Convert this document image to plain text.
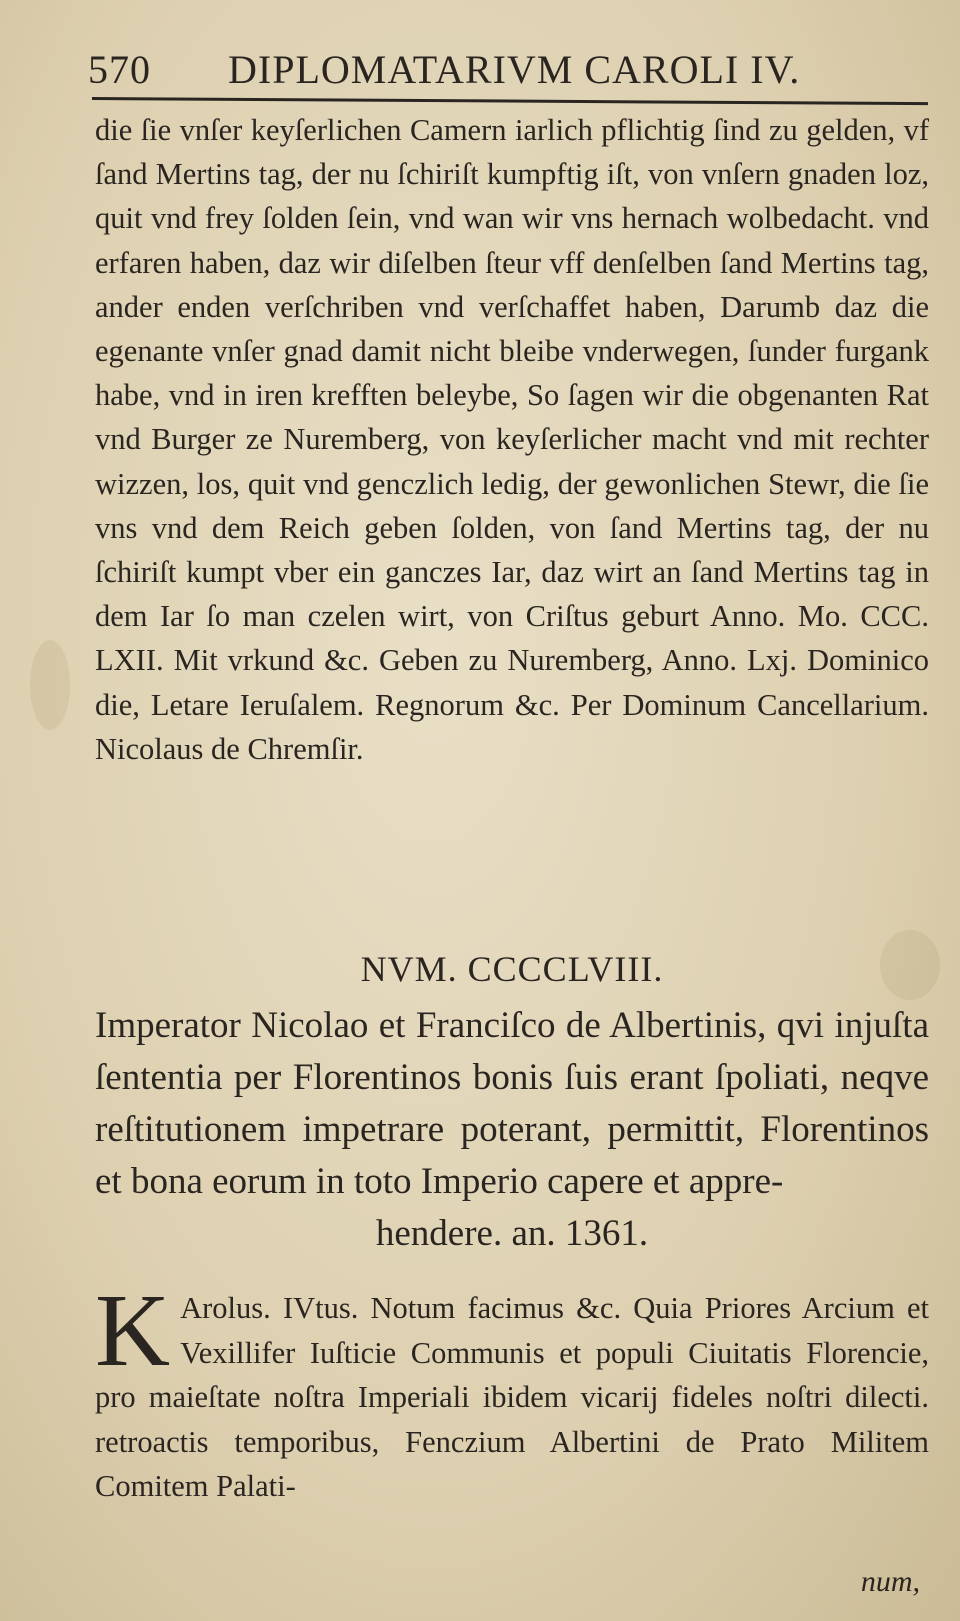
570 DIPLOMATARIVM CAROLI IV.

die ſie vnſer keyſerlichen Camern iarlich pflichtig ſind zu gelden, vf ſand Mertins tag, der nu ſchiriſt kumpftig iſt, von vnſern gnaden loz, quit vnd frey ſolden ſein, vnd wan wir vns hernach wolbedacht. vnd erfaren haben, daz wir diſelben ſteur vff denſelben ſand Mertins tag, ander enden verſchriben vnd verſchaffet haben, Darumb daz die egenante vnſer gnad damit nicht bleibe vnderwegen, ſunder furgank habe, vnd in iren krefften beleybe, So ſagen wir die obgenanten Rat vnd Burger ze Nuremberg, von keyſerlicher macht vnd mit rechter wizzen, los, quit vnd genczlich ledig, der gewonlichen Stewr, die ſie vns vnd dem Reich geben ſolden, von ſand Mertins tag, der nu ſchiriſt kumpt vber ein ganczes Iar, daz wirt an ſand Mertins tag in dem Iar ſo man czelen wirt, von Criſtus geburt Anno. Mo. CCC. LXII. Mit vrkund &c. Geben zu Nuremberg, Anno. Lxj. Dominico die, Letare Ieruſalem. Regnorum &c. Per Dominum Cancellarium. Nicolaus de Chremſir.

NVM. CCCCLVIII.
Imperator Nicolao et Franciſco de Albertinis, qvi injuſta ſententia per Florentinos bonis ſuis erant ſpoliati, neqve reſtitutionem impetrare poterant, permittit, Florentinos et bona eorum in toto Imperio capere et appre-
hendere. an. 1361.
K Arolus. IVtus. Notum facimus &c. Quia Priores Arcium et Vexillifer Iuſticie Communis et populi Ciuitatis Florencie, pro maieſtate noſtra Imperiali ibidem vicarij fideles noſtri dilecti. retroactis temporibus, Fenczium Albertini de Prato Militem Comitem Palati-
num,
